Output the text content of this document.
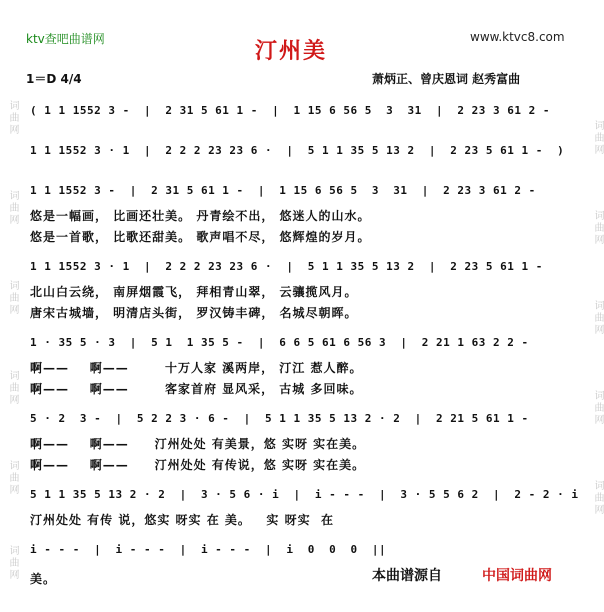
ktv查吧曲谱网	www.ktvc8.com
汀州美
1＝D 4/4	萧炳正、曾庆恩词 赵秀富曲
词曲网
词曲网
词曲网
词曲网
词曲网
词曲网
词曲网
词曲网
词曲网
词曲网
词曲网
( 1 1 1552 3 -  |  2 31 5 61 1 -  |  1 15 6 56 5  3  31  |  2 23 3 61 2 -
1 1 1552 3 · 1  |  2 2 2 23 23 6 ·  |  5 1 1 35 5 13 2  |  2 23 5 61 1 -  )
1 1 1552 3 -  |  2 31 5 61 1 -  |  1 15 6 56 5  3  31  |  2 23 3 61 2 -
悠是一幅画， 比画还壮美。 丹青绘不出， 悠迷人的山水。
悠是一首歌， 比歌还甜美。 歌声唱不尽， 悠辉煌的岁月。
1 1 1552 3 · 1  |  2 2 2 23 23 6 ·  |  5 1 1 35 5 13 2  |  2 23 5 61 1 -
北山白云绕， 南屏烟霞飞， 拜相青山翠， 云骧揽风月。
唐宋古城墙， 明清店头街， 罗汉铸丰碑， 名城尽朝晖。
1 · 35 5 · 3  |  5 1  1 35 5 -  |  6 6 5 61 6 56 3  |  2 21 1 63 2 2 -
啊——    啊——       十万人家 溪两岸， 汀江 惹人醉。
啊——    啊——       客家首府 显风采， 古城 多回味。
5 · 2  3 -  |  5 2 2 3 · 6 -  |  5 1 1 35 5 13 2 · 2  |  2 21 5 61 1 -
啊——    啊——     汀州处处 有美景，悠 实呀 实在美。
啊——    啊——     汀州处处 有传说，悠 实呀 实在美。
5 1 1 35 5 13 2 · 2  |  3 · 5 6 · i  |  i - - -  |  3 · 5 5 6 2  |  2 - 2 · i
汀州处处 有传 说，悠实 呀实 在 美。   实 呀实  在
i - - -  |  i - - -  |  i - - -  |  i  0  0  0  ||
美。	本曲谱源自	中国词曲网
